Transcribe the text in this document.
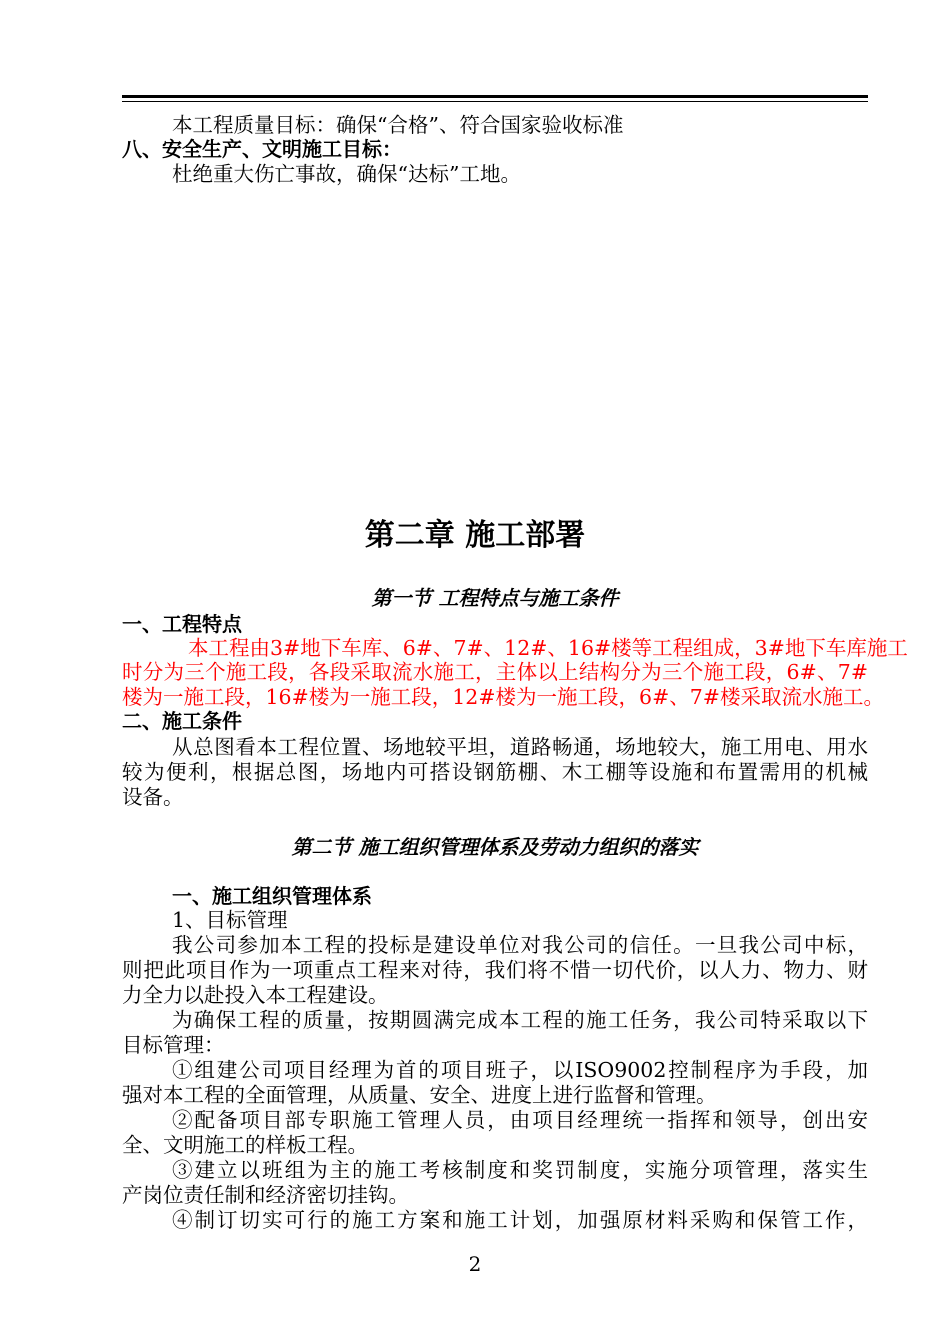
本工程质量目标：确保“合格”、符合国家验收标准
八、安全生产、文明施工目标：
杜绝重大伤亡事故，确保“达标”工地。
第二章 施工部署
第一节 工程特点与施工条件
一、工程特点
本工程由3#地下车库、6#、7#、12#、16#楼等工程组成，3#地下车库施工
时分为三个施工段，各段采取流水施工，主体以上结构分为三个施工段，6#、7#
楼为一施工段，16#楼为一施工段，12#楼为一施工段，6#、7#楼采取流水施工。
二、施工条件
从总图看本工程位置、场地较平坦，道路畅通，场地较大，施工用电、用水
较为便利，根据总图，场地内可搭设钢筋棚、木工棚等设施和布置需用的机械
设备。
第二节 施工组织管理体系及劳动力组织的落实
一、施工组织管理体系
1、目标管理
我公司参加本工程的投标是建设单位对我公司的信任。一旦我公司中标，
则把此项目作为一项重点工程来对待，我们将不惜一切代价，以人力、物力、财
力全力以赴投入本工程建设。
为确保工程的质量，按期圆满完成本工程的施工任务，我公司特采取以下
目标管理：
①组建公司项目经理为首的项目班子，以ISO9002控制程序为手段，加
强对本工程的全面管理，从质量、安全、进度上进行监督和管理。
②配备项目部专职施工管理人员，由项目经理统一指挥和领导，创出安
全、文明施工的样板工程。
③建立以班组为主的施工考核制度和奖罚制度，实施分项管理，落实生
产岗位责任制和经济密切挂钩。
④制订切实可行的施工方案和施工计划，加强原材料采购和保管工作，
2
